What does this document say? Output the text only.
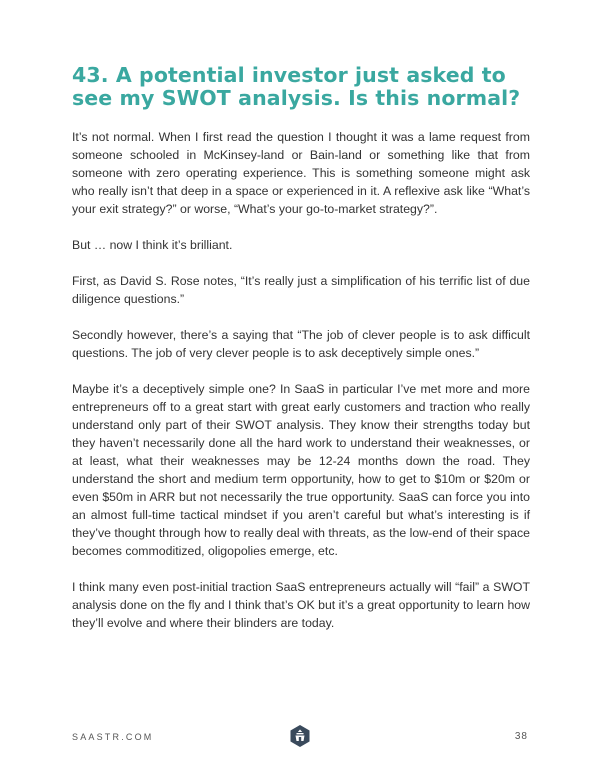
43. A potential investor just asked to see my SWOT analysis. Is this normal?

It’s not normal. When I first read the question I thought it was a lame request from someone schooled in McKinsey-land or Bain-land or something like that from someone with zero operating experience. This is something someone might ask who really isn’t that deep in a space or experienced in it. A reflexive ask like “What’s your exit strategy?” or worse, “What’s your go-to-market strategy?”.

But … now I think it’s brilliant.

First, as David S. Rose notes, “It’s really just a simplification of his terrific list of due diligence questions.”

Secondly however, there’s a saying that “The job of clever people is to ask difficult questions. The job of very clever people is to ask deceptively simple ones.”

Maybe it’s a deceptively simple one? In SaaS in particular I’ve met more and more entrepreneurs off to a great start with great early customers and traction who really understand only part of their SWOT analysis. They know their strengths today but they haven’t necessarily done all the hard work to understand their weaknesses, or at least, what their weaknesses may be 12-24 months down the road. They understand the short and medium term opportunity, how to get to $10m or $20m or even $50m in ARR but not necessarily the true opportunity. SaaS can force you into an almost full-time tactical mindset if you aren’t careful but what’s interesting is if they’ve thought through how to really deal with threats, as the low-end of their space becomes commoditized, oligopolies emerge, etc.

I think many even post-initial traction SaaS entrepreneurs actually will “fail” a SWOT analysis done on the fly and I think that’s OK but it’s a great opportunity to learn how they’ll evolve and where their blinders are today.

SAASTR.COM	38
